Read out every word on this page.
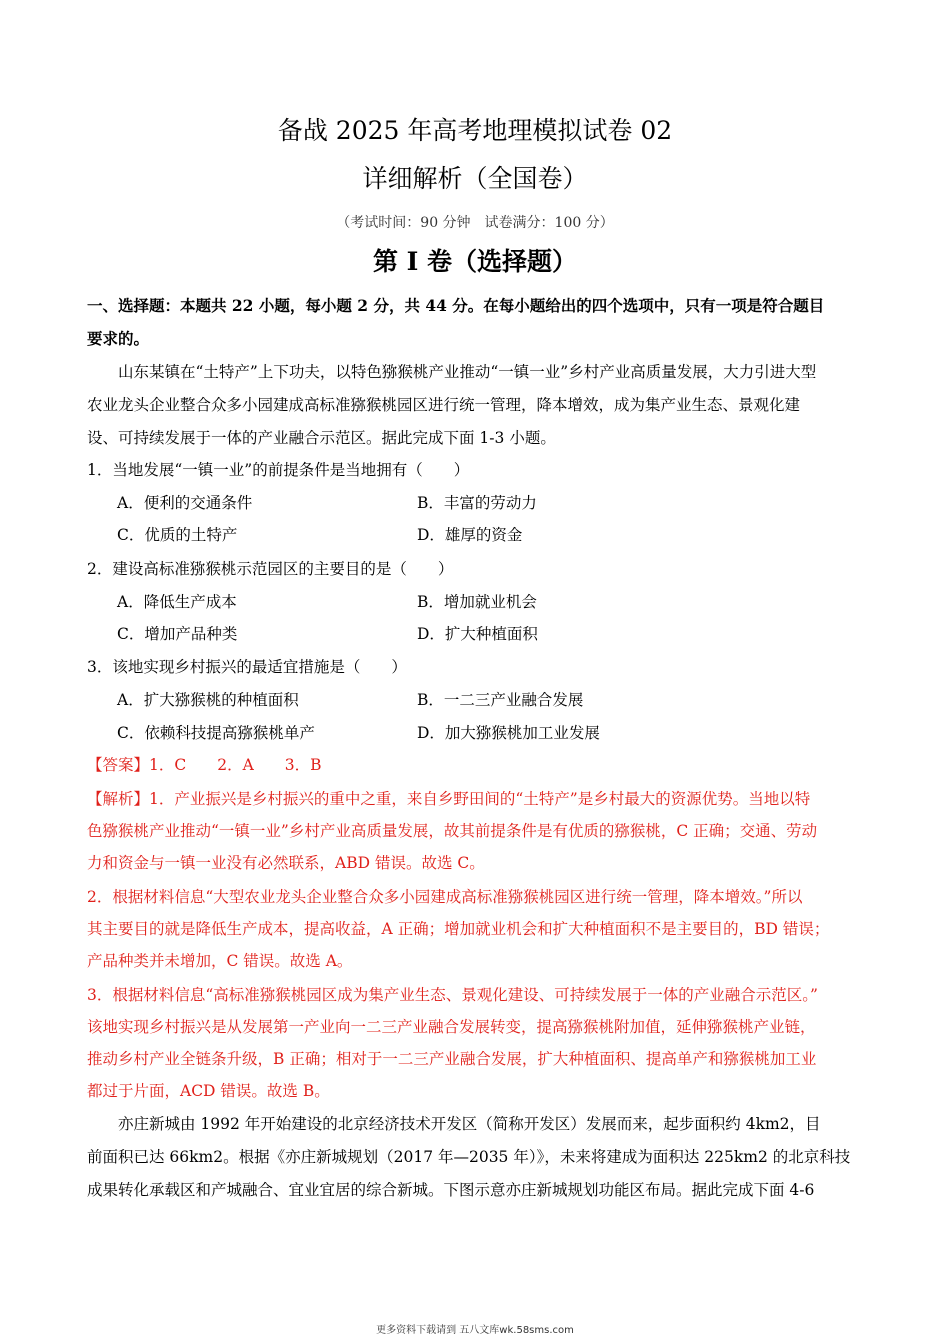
备战 2025 年高考地理模拟试卷 02
详细解析（全国卷）
（考试时间：90 分钟　试卷满分：100 分）
第 I 卷（选择题）
一、选择题：本题共 22 小题，每小题 2 分，共 44 分。在每小题给出的四个选项中，只有一项是符合题目
要求的。
山东某镇在“土特产”上下功夫，以特色猕猴桃产业推动“一镇一业”乡村产业高质量发展，大力引进大型
农业龙头企业整合众多小园建成高标准猕猴桃园区进行统一管理，降本增效，成为集产业生态、景观化建
设、可持续发展于一体的产业融合示范区。据此完成下面 1-3 小题。
1．当地发展“一镇一业”的前提条件是当地拥有（　　）
A．便利的交通条件	B．丰富的劳动力
C．优质的土特产	D．雄厚的资金
2．建设高标准猕猴桃示范园区的主要目的是（　　）
A．降低生产成本	B．增加就业机会
C．增加产品种类	D．扩大种植面积
3．该地实现乡村振兴的最适宜措施是（　　）
A．扩大猕猴桃的种植面积	B．一二三产业融合发展
C．依赖科技提高猕猴桃单产	D．加大猕猴桃加工业发展
【答案】1．C　　2．A　　3．B
【解析】1．产业振兴是乡村振兴的重中之重，来自乡野田间的“土特产”是乡村最大的资源优势。当地以特
色猕猴桃产业推动“一镇一业”乡村产业高质量发展，故其前提条件是有优质的猕猴桃，C 正确；交通、劳动
力和资金与一镇一业没有必然联系，ABD 错误。故选 C。
2．根据材料信息“大型农业龙头企业整合众多小园建成高标准猕猴桃园区进行统一管理，降本增效。”所以
其主要目的就是降低生产成本，提高收益，A 正确；增加就业机会和扩大种植面积不是主要目的，BD 错误；
产品种类并未增加，C 错误。故选 A。
3．根据材料信息“高标准猕猴桃园区成为集产业生态、景观化建设、可持续发展于一体的产业融合示范区。”
该地实现乡村振兴是从发展第一产业向一二三产业融合发展转变，提高猕猴桃附加值，延伸猕猴桃产业链，
推动乡村产业全链条升级，B 正确；相对于一二三产业融合发展，扩大种植面积、提高单产和猕猴桃加工业
都过于片面，ACD 错误。故选 B。
亦庄新城由 1992 年开始建设的北京经济技术开发区（简称开发区）发展而来，起步面积约 4km2，目
前面积已达 66km2。根据《亦庄新城规划（2017 年—2035 年）》，未来将建成为面积达 225km2 的北京科技
成果转化承载区和产城融合、宜业宜居的综合新城。下图示意亦庄新城规划功能区布局。据此完成下面 4-6
更多资料下载请到 五八文库wk.58sms.com
